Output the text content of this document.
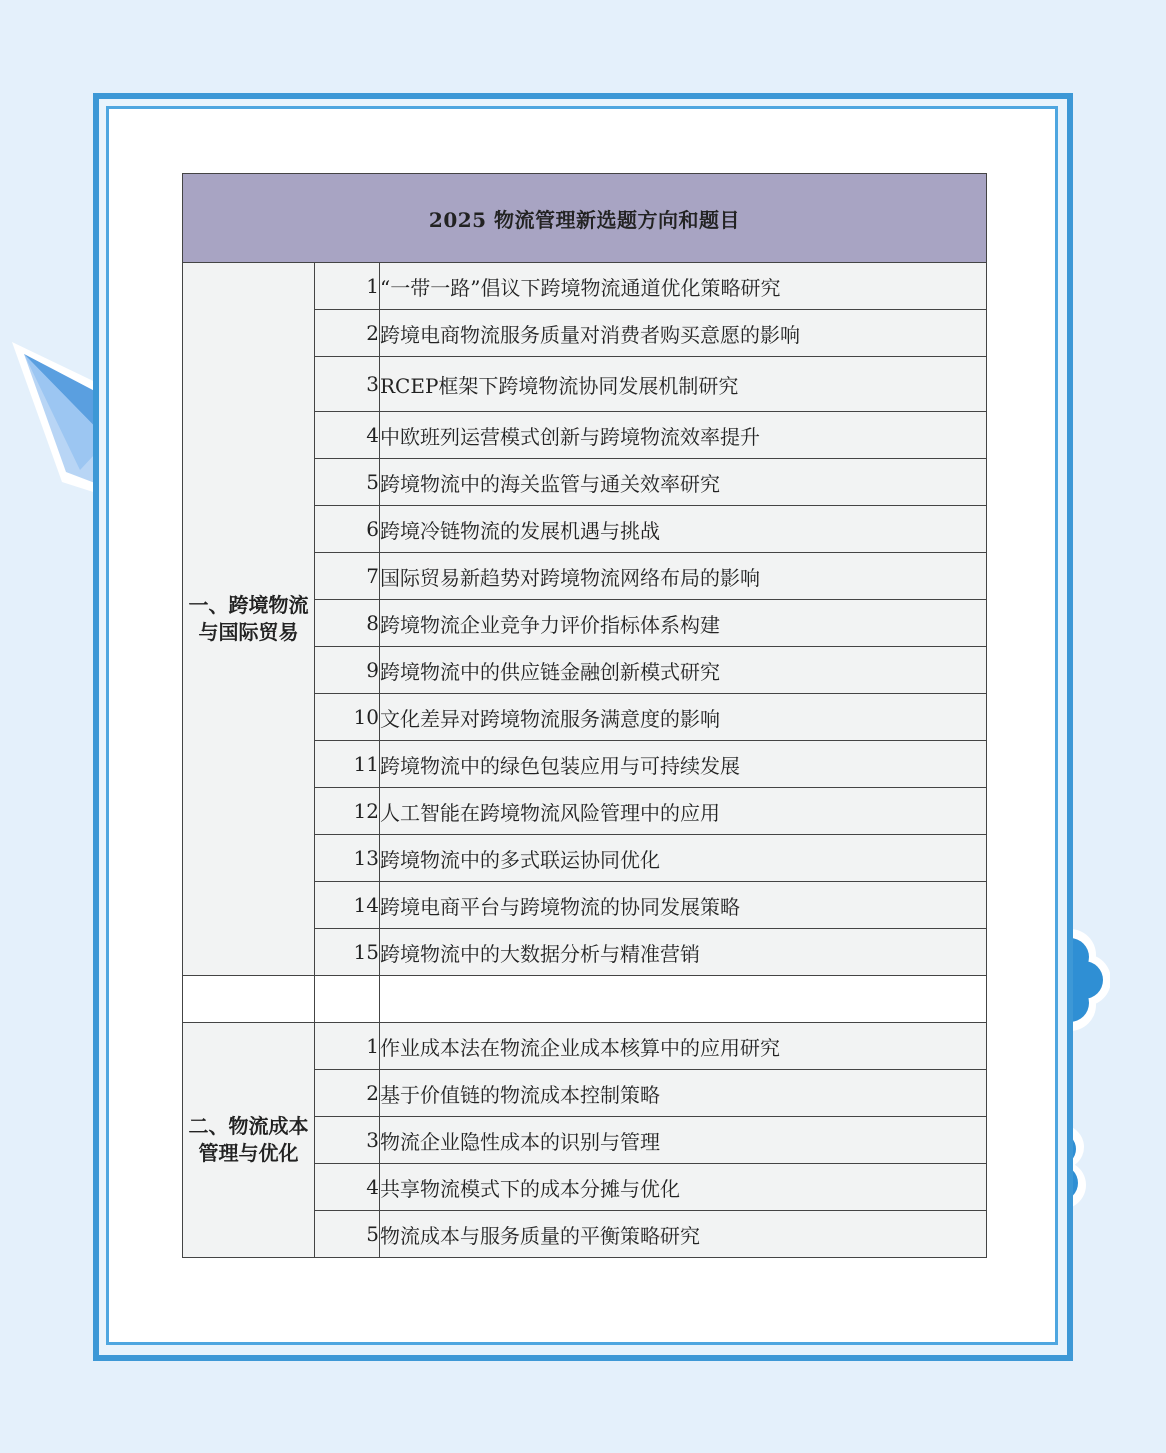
2025 物流管理新选题方向和题目		
一、跨境物流与国际贸易	1	“一带一路”倡议下跨境物流通道优化策略研究
	2	跨境电商物流服务质量对消费者购买意愿的影响
	3	RCEP框架下跨境物流协同发展机制研究
	4	中欧班列运营模式创新与跨境物流效率提升
	5	跨境物流中的海关监管与通关效率研究
	6	跨境冷链物流的发展机遇与挑战
	7	国际贸易新趋势对跨境物流网络布局的影响
	8	跨境物流企业竞争力评价指标体系构建
	9	跨境物流中的供应链金融创新模式研究
	10	文化差异对跨境物流服务满意度的影响
	11	跨境物流中的绿色包装应用与可持续发展
	12	人工智能在跨境物流风险管理中的应用
	13	跨境物流中的多式联运协同优化
	14	跨境电商平台与跨境物流的协同发展策略
	15	跨境物流中的大数据分析与精准营销

二、物流成本管理与优化	1	作业成本法在物流企业成本核算中的应用研究
	2	基于价值链的物流成本控制策略
	3	物流企业隐性成本的识别与管理
	4	共享物流模式下的成本分摊与优化
	5	物流成本与服务质量的平衡策略研究
